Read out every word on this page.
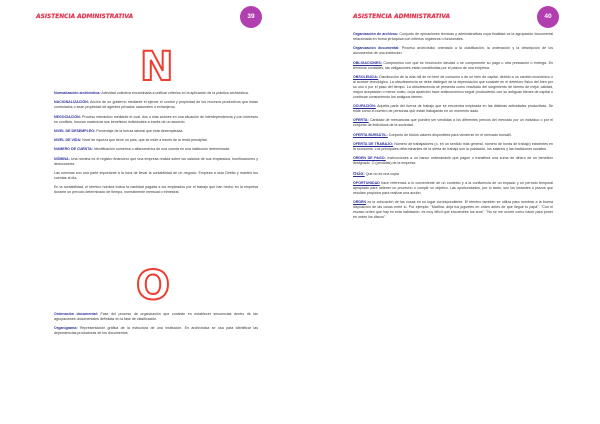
ASISTENCIA ADMINISTRATIVA	39
N

Normalización archivística: Actividad colectiva encaminada a unificar criterios en la aplicación de la práctica archivística.

NACIONALIZACIÓN: Acción de un gobierno mediante el ejercer el control y propiedad de los recursos productivos que están controlados o sean propiedad de agentes privados nacionales o extranjeros.

NEGOCIACIÓN: Proceso interactivo mediante el cual, dos o más actores en una situación de interdependencia y con intereses en conflicto, buscan maximizar sus beneficios individuales a través de un acuerdo.

NIVEL DE DESEMPLEO: Porcentaje de la fuerza laboral que está desempleada.

NIVEL DE VIDA: Nivel de riqueza que tiene un país, que se mide a través de la renta percápital.

NUMERO DE CUENTA: Identificación numérica o alfanumérica de una cuenta en una institución determinada.

NÓMINA: Una nómina es el registro financiero que una empresa realiza sobre los salarios de sus empleados, bonificaciones y deducciones.

Las nóminas son una parte importante a la hora de llevar la contabilidad de un negocio. Empieza a usar Debito y mantén tus cuentas al día.

En la contabilidad, el término nómina indica la cantidad pagada a los empleados por el trabajo que han hecho en la empresa durante un período determinado de tiempo, normalmente mensual o trimestral.

O

Ordenación documental: Fase del proceso de organización que consiste en establecer secuencias dentro de las agrupaciones documentales definidas en la fase de clasificación.

Organigrama: Representación gráfica de la estructura de una institución. En archivística se usa para identificar las dependencias productoras de los documentos.

ASISTENCIA ADMINISTRATIVA	40

Organización de archivos: Conjunto de operaciones técnicas y administrativas cuya finalidad es la agrupación documental relacionada en forma jerárquica con criterios orgánicos o funcionales.

Organización documental: Proceso archivístico orientado a la clasificación, la ordenación y la descripción de los documentos de una institución.

OBLIGACIONES: Compromiso con que se reconocen deudas o se compromete su pago u otra prestación o entrega. En términos contables, las obligaciones están constituidas por el pasivo de una empresa.

OBSOLENCIA: Disminución de la vida útil de un bien de consumo o de un bien de capital, debido a un cambio económico o al avance tecnológico. La obsolescencia se debe distinguir de la depreciación que consiste en el deterioro físico del bien por su uso o por el paso del tiempo. La obsolescencia se presenta como resultado del surgimiento de bienes de mejor calidad, mayor aceptación o menor costo, cuya aparición hace antieconómico seguir produciendo con su antiguas bienes de capital o continuar consumiendo los antiguos bienes.

OCUPACIÓN: Aquella parte del fuerza de trabajo que se encuentra empleada en las distintas actividades productivas. Se mide como el número de personas que están trabajando en un momento dado.

OFERTA: Cantidad de mercancías que pueden ser vendidas a los diferentes precios del mercado por un individuo o por el conjunto de individuos de la sociedad.

OFERTA BURSÁTIL: Conjunto de títulos valores disponibles para venderse en el mercado bursátil.

OFERTA DE TRABAJO: Número de trabajadores (o, en un sentido más general, número de horas de trabajo) existentes en la economía. Los principales determinantes de la oferta de trabajo son la población, los salarios y las tradiciones sociales.

ORDEN DE PAGO: Instrucciones a un banco ordenándole que pague o transfiera una suma de dinero de un beneficio designado. O (perdidas) de la empresa

Ocio: Que no es una copia

OPORTUNIDAD hace referencia a lo conveniente de un contexto y a la confluencia de un espacio y un período temporal apropiado para obtener un provecho o cumplir un objetivo. Las oportunidades, por lo tanto, son los instantes o plazos que resultan propicios para realizar una acción.

ORDEN es la colocación de las cosas en su lugar correspondiente. El término también se utiliza para nombrar a la buena disposición de las cosas entre sí. Por ejemplo: "Martina, deja tus juguetes en orden antes de que llegue tu papá", "Con el escaso orden que hay en esta habitación, es muy difícil que encuentres tus aros", "No se me ocurre cómo hacer para poner en orden los discos".
